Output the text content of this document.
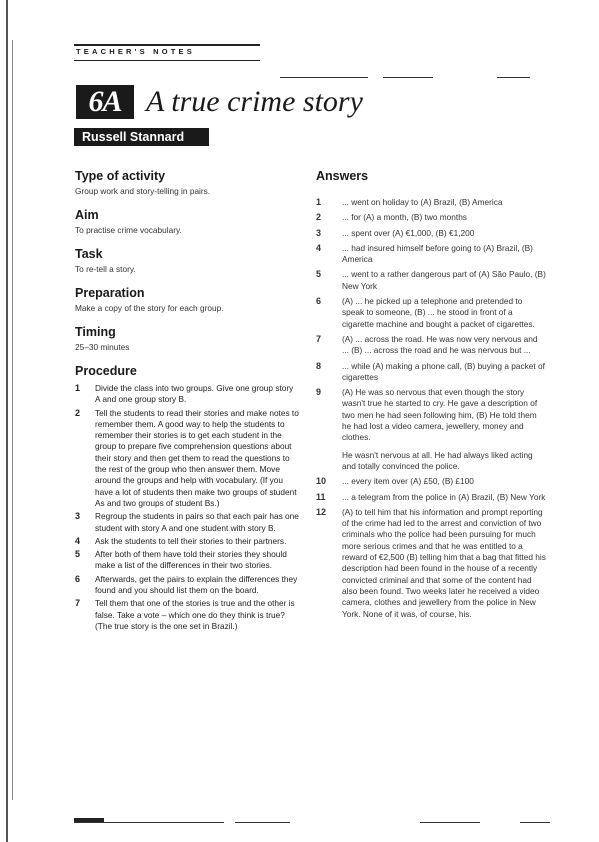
TEACHER'S NOTES
6A A true crime story
Russell Stannard
Type of activity

Group work and story-telling in pairs.

Aim

To practise crime vocabulary.

Task

To re-tell a story.

Preparation

Make a copy of the story for each group.

Timing

25–30 minutes

Procedure
1 Divide the class into two groups. Give one group story A and one group story B.
2 Tell the students to read their stories and make notes to remember them. A good way to help the students to remember their stories is to get each student in the group to prepare five comprehension questions about their story and then get them to read the questions to the rest of the group who then answer them. Move around the groups and help with vocabulary. (If you have a lot of students then make two groups of student As and two groups of student Bs.)
3 Regroup the students in pairs so that each pair has one student with story A and one student with story B.
4 Ask the students to tell their stories to their partners.
5 After both of them have told their stories they should make a list of the differences in their two stories.
6 Afterwards, get the pairs to explain the differences they found and you should list them on the board.
7 Tell them that one of the stories is true and the other is false. Take a vote – which one do they think is true? (The true story is the one set in Brazil.)
Answers
1	... went on holiday to (A) Brazil, (B) America
2	... for (A) a month, (B) two months
3	... spent over (A) €1,000, (B) €1,200
4	... had insured himself before going to (A) Brazil, (B) America
5	... went to a rather dangerous part of (A) São Paulo, (B) New York
6	(A) ... he picked up a telephone and pretended to speak to someone, (B) ... he stood in front of a cigarette machine and bought a packet of cigarettes.
7	(A) ... across the road. He was now very nervous and ... (B) ... across the road and he was nervous but ...
8	... while (A) making a phone call, (B) buying a packet of cigarettes
9	(A) He was so nervous that even though the story wasn't true he started to cry. He gave a description of two men he had seen following him, (B) He told them he had lost a video camera, jewellery, money and clothes.
He wasn't nervous at all. He had always liked acting and totally convinced the police.
10 ... every item over (A) £50, (B) £100
11 ... a telegram from the police in (A) Brazil, (B) New York
12 (A) to tell him that his information and prompt reporting of the crime had led to the arrest and conviction of two criminals who the police had been pursuing for much more serious crimes and that he was entitled to a reward of €2,500 (B) telling him that a bag that fitted his description had been found in the house of a recently convicted criminal and that some of the content had also been found. Two weeks later he received a video camera, clothes and jewellery from the police in New York. None of it was, of course, his.
